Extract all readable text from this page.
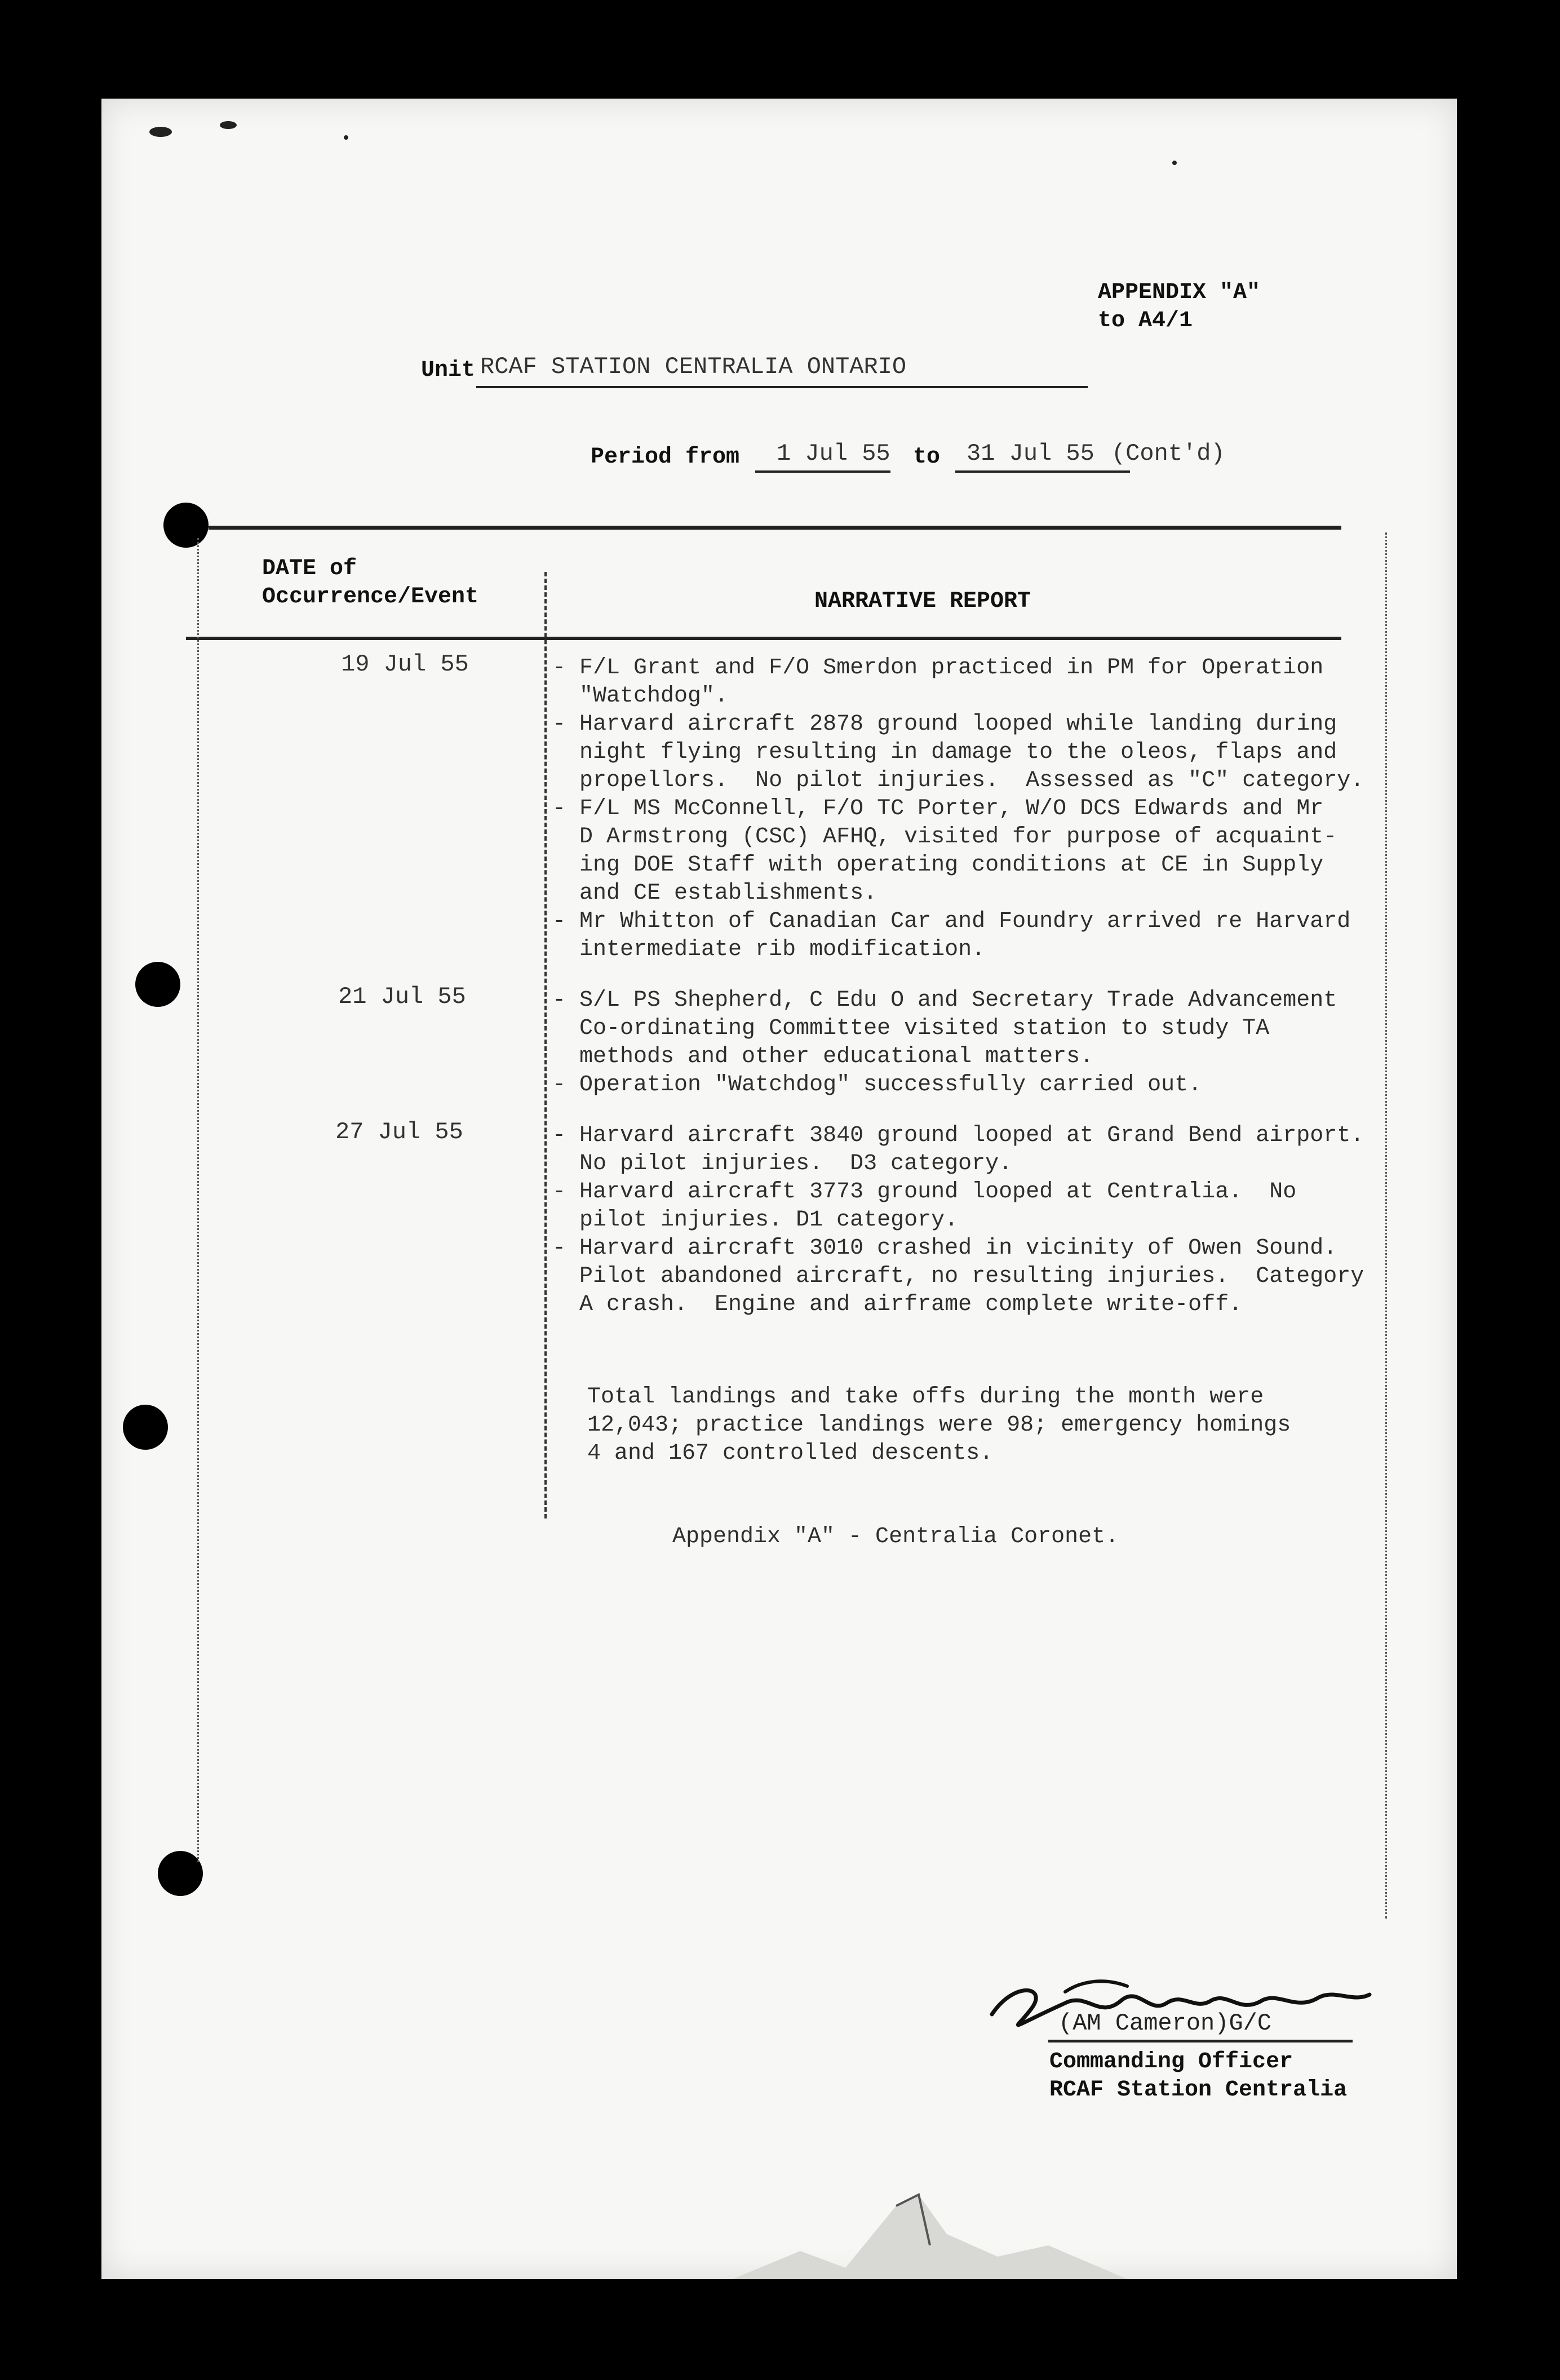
APPENDIX "A"
to A4/1
Unit RCAF STATION CENTRALIA ONTARIO
Period from 1 Jul 55 to 31 Jul 55 (Cont'd)
DATE of
Occurrence/Event	NARRATIVE REPORT
19 Jul 55	- F/L Grant and F/O Smerdon practiced in PM for Operation
"Watchdog".
- Harvard aircraft 2878 ground looped while landing during
night flying resulting in damage to the oleos, flaps and
propellors.  No pilot injuries.  Assessed as "C" category.
- F/L MS McConnell, F/O TC Porter, W/O DCS Edwards and Mr
D Armstrong (CSC) AFHQ, visited for purpose of acquaint-
ing DOE Staff with operating conditions at CE in Supply
and CE establishments.
- Mr Whitton of Canadian Car and Foundry arrived re Harvard
intermediate rib modification.
21 Jul 55	- S/L PS Shepherd, C Edu O and Secretary Trade Advancement
Co-ordinating Committee visited station to study TA
methods and other educational matters.
- Operation "Watchdog" successfully carried out.
27 Jul 55	- Harvard aircraft 3840 ground looped at Grand Bend airport.
No pilot injuries.  D3 category.
- Harvard aircraft 3773 ground looped at Centralia.  No
pilot injuries. D1 category.
- Harvard aircraft 3010 crashed in vicinity of Owen Sound.
Pilot abandoned aircraft, no resulting injuries.  Category
A crash.  Engine and airframe complete write-off.
Total landings and take offs during the month were
12,043; practice landings were 98; emergency homings
4 and 167 controlled descents.
Appendix "A" - Centralia Coronet.
(AM Cameron)G/C
Commanding Officer
RCAF Station Centralia
